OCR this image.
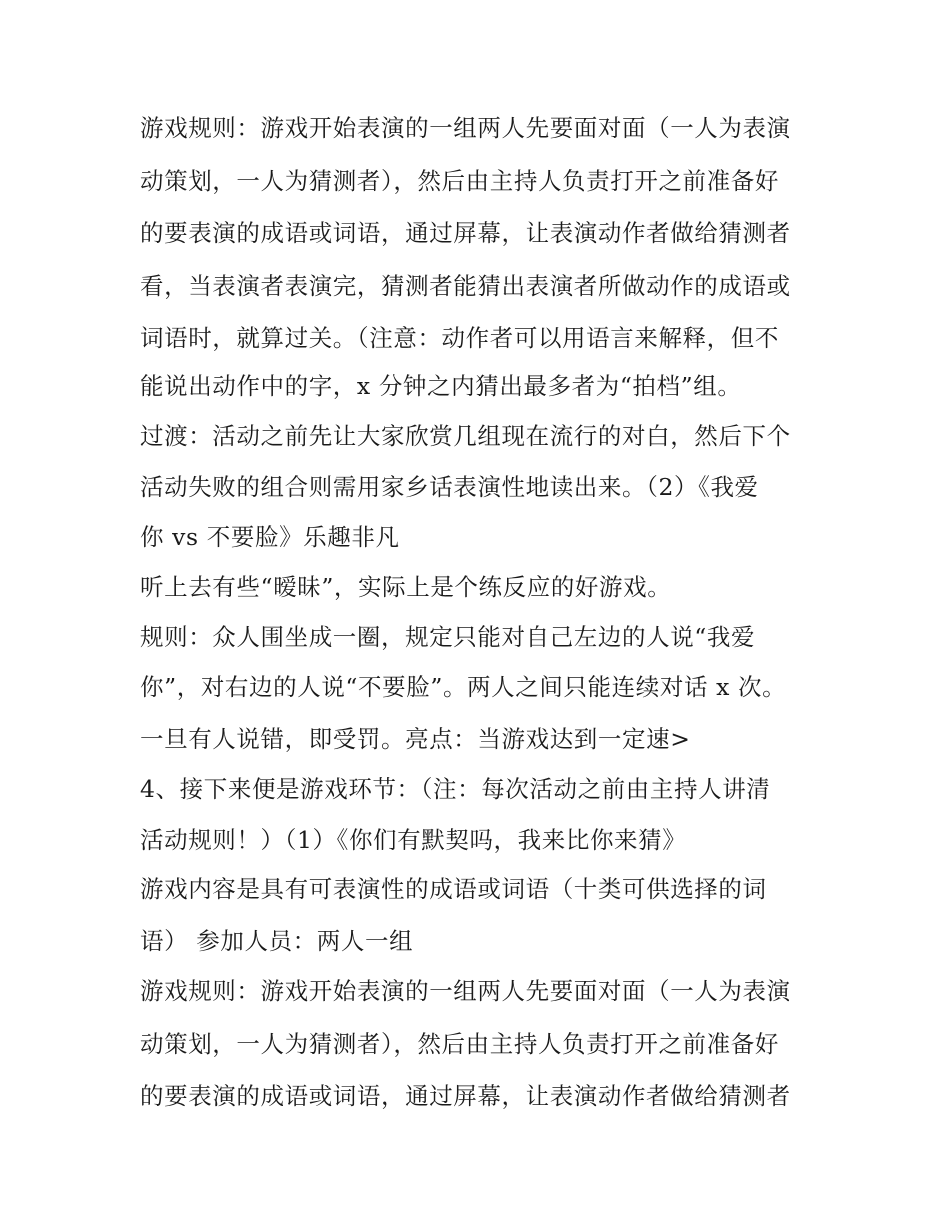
游戏规则：游戏开始表演的一组两人先要面对面（一人为表演
动策划，一人为猜测者），然后由主持人负责打开之前准备好
的要表演的成语或词语，通过屏幕，让表演动作者做给猜测者
看，当表演者表演完，猜测者能猜出表演者所做动作的成语或
词语时，就算过关。（注意：动作者可以用语言来解释，但不
能说出动作中的字，x 分钟之内猜出最多者为“拍档”组。
过渡：活动之前先让大家欣赏几组现在流行的对白，然后下个
活动失败的组合则需用家乡话表演性地读出来。（2）《我爱
你 vs 不要脸》乐趣非凡
听上去有些“暧昧”，实际上是个练反应的好游戏。
规则：众人围坐成一圈，规定只能对自己左边的人说“我爱
你”，对右边的人说“不要脸”。两人之间只能连续对话 x 次。
一旦有人说错，即受罚。亮点：当游戏达到一定速>
4、接下来便是游戏环节：（注：每次活动之前由主持人讲清
活动规则！）（1）《你们有默契吗，我来比你来猜》
游戏内容是具有可表演性的成语或词语（十类可供选择的词
语） 参加人员：两人一组
游戏规则：游戏开始表演的一组两人先要面对面（一人为表演
动策划，一人为猜测者），然后由主持人负责打开之前准备好
的要表演的成语或词语，通过屏幕，让表演动作者做给猜测者
